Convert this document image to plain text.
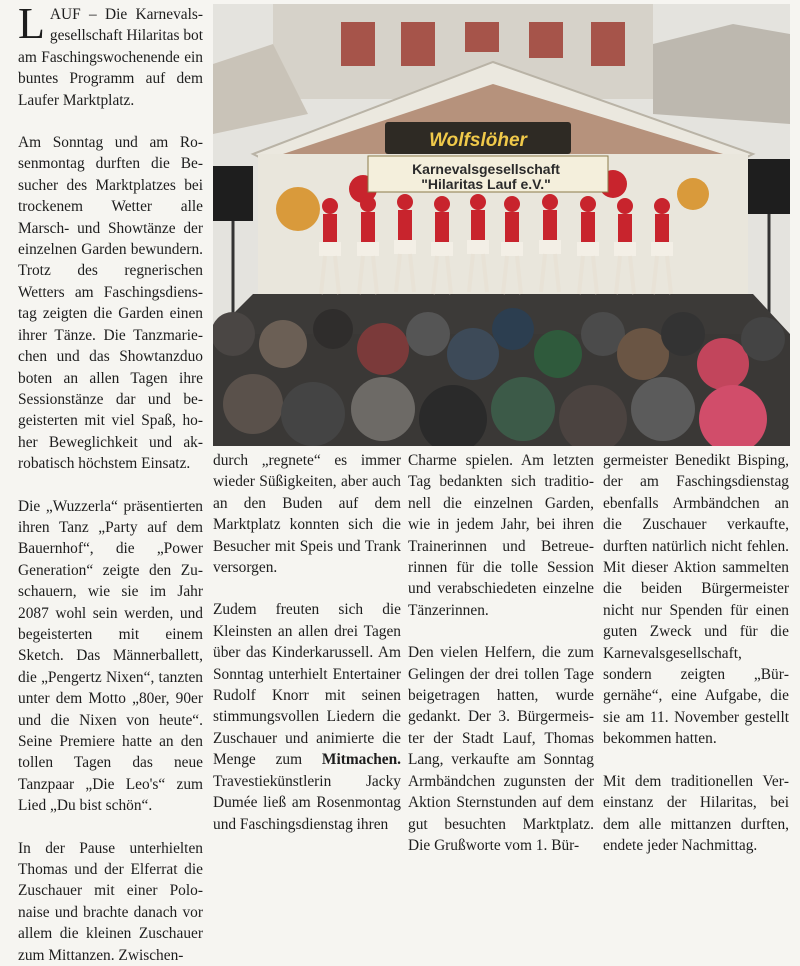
LAUF – Die Karnevalsgesellschaft Hilaritas bot am Faschingswochenende ein buntes Programm auf dem Laufer Marktplatz.

Am Sonntag und am Rosenmontag durften die Besucher des Marktplatzes bei trockenem Wetter alle Marsch- und Showtänze der einzelnen Garden bewundern. Trotz des regnerischen Wetters am Faschingsdienstag zeigten die Garden einen ihrer Tänze. Die Tanzmariechen und das Showtanzduo boten an allen Tagen ihre Sessionstänze dar und begeisterten mit viel Spaß, hoher Beweglichkeit und akrobatisch höchstem Einsatz.

Die „Wuzzerla“ präsentierten ihren Tanz „Party auf dem Bauernhof“, die „Power Generation“ zeigte den Zuschauern, wie sie im Jahr 2087 wohl sein werden, und begeisterten mit einem Sketch. Das Männerballett, die „Pengertz Nixen“, tanzten unter dem Motto „80er, 90er und die Nixen von heute“. Seine Premiere hatte an den tollen Tagen das neue Tanzpaar „Die Leo's“ zum Lied „Du bist schön“.

In der Pause unterhielten Thomas und der Elferrat die Zuschauer mit einer Polonaise und brachte danach vor allem die kleinen Zuschauer zum Mittanzen. Zwischen-

Wolfslöher
Karnevalsgesellschaft
"Hilaritas Lauf e.V."

durch „regnete“ es immer wieder Süßigkeiten, aber auch an den Buden auf dem Marktplatz konnten sich die Besucher mit Speis und Trank versorgen.

Zudem freuten sich die Kleinsten an allen drei Tagen über das Kinderkarussell. Am Sonntag unterhielt Entertainer Rudolf Knorr mit seinen stimmungsvollen Liedern die Zuschauer und animierte die Menge zum Mitmachen. Travestiekünstlerin Jacky Dumée ließ am Rosenmontag und Faschingsdienstag ihren

Charme spielen. Am letzten Tag bedankten sich traditionell die einzelnen Garden, wie in jedem Jahr, bei ihren Trainerinnen und Betreuerinnen für die tolle Session und verabschiedeten einzelne Tänzerinnen.

Den vielen Helfern, die zum Gelingen der drei tollen Tage beigetragen hatten, wurde gedankt. Der 3. Bürgermeister der Stadt Lauf, Thomas Lang, verkaufte am Sonntag Armbändchen zugunsten der Aktion Sternstunden auf dem gut besuchten Marktplatz. Die Grußworte vom 1. Bür-

germeister Benedikt Bisping, der am Faschingsdienstag ebenfalls Armbändchen an die Zuschauer verkaufte, durften natürlich nicht fehlen. Mit dieser Aktion sammelten die beiden Bürgermeister nicht nur Spenden für einen guten Zweck und für die Karnevalsgesellschaft, sondern zeigten „Bürgernähe“, eine Aufgabe, die sie am 11. November gestellt bekommen hatten.

Mit dem traditionellen Vereinstanz der Hilaritas, bei dem alle mittanzen durften, endete jeder Nachmittag.
